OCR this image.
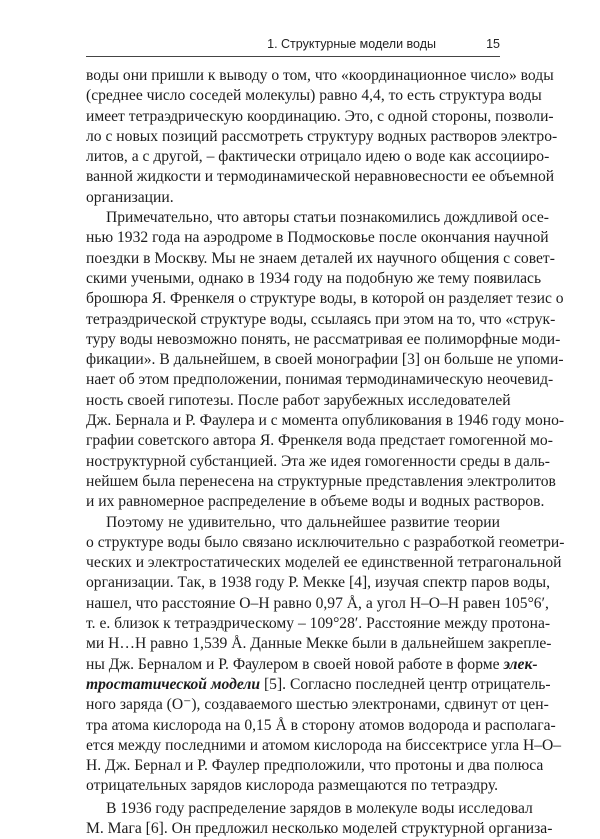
1. Структурные модели воды	15
воды они пришли к выводу о том, что «координационное число» воды
(среднее число соседей молекулы) равно 4,4, то есть структура воды
имеет тетраэдрическую координацию. Это, с одной стороны, позволи-
ло с новых позиций рассмотреть структуру водных растворов электро-
литов, а с другой, – фактически отрицало идею о воде как ассоцииро-
ванной жидкости и термодинамической неравновесности ее объемной
организации.
Примечательно, что авторы статьи познакомились дождливой осе-
нью 1932 года на аэродроме в Подмосковье после окончания научной
поездки в Москву. Мы не знаем деталей их научного общения с совет-
скими учеными, однако в 1934 году на подобную же тему появилась
брошюра Я. Френкеля о структуре воды, в которой он разделяет тезис о
тетраэдрической структуре воды, ссылаясь при этом на то, что «струк-
туру воды невозможно понять, не рассматривая ее полиморфные моди-
фикации». В дальнейшем, в своей монографии [3] он больше не упоми-
нает об этом предположении, понимая термодинамическую неочевид-
ность своей гипотезы. После работ зарубежных исследователей
Дж. Бернала и Р. Фаулера и с момента опубликования в 1946 году моно-
графии советского автора Я. Френкеля вода предстает гомогенной мо-
ноструктурной субстанцией. Эта же идея гомогенности среды в даль-
нейшем была перенесена на структурные представления электролитов
и их равномерное распределение в объеме воды и водных растворов.
Поэтому не удивительно, что дальнейшее развитие теории
о структуре воды было связано исключительно с разработкой геометри-
ческих и электростатических моделей ее единственной тетрагональной
организации. Так, в 1938 году Р. Мекке [4], изучая спектр паров воды,
нашел, что расстояние О–Н равно 0,97 Å, а угол Н–О–Н равен 105°6′,
т. е. близок к тетраэдрическому – 109°28′. Расстояние между протона-
ми Н…Н равно 1,539 Å. Данные Мекке были в дальнейшем закрепле-
ны Дж. Берналом и Р. Фаулером в своей новой работе в форме элек-
тростатической модели [5]. Согласно последней центр отрицатель-
ного зарядa (О⁻), создаваемого шестью электронами, сдвинут от цен-
тра атома кислорода на 0,15 Å в сторону атомов водорода и располагa-
ется между последними и атомом кислорода на биссектрисе угла Н–О–
Н. Дж. Бернал и Р. Фаулер предположили, что протоны и два полюса
отрицательных зарядов кислорода размещаются по тетраэдру.
В 1936 году распределение зарядов в молекуле воды исследовал
М. Мага [6]. Он предложил несколько моделей структурной организа-
